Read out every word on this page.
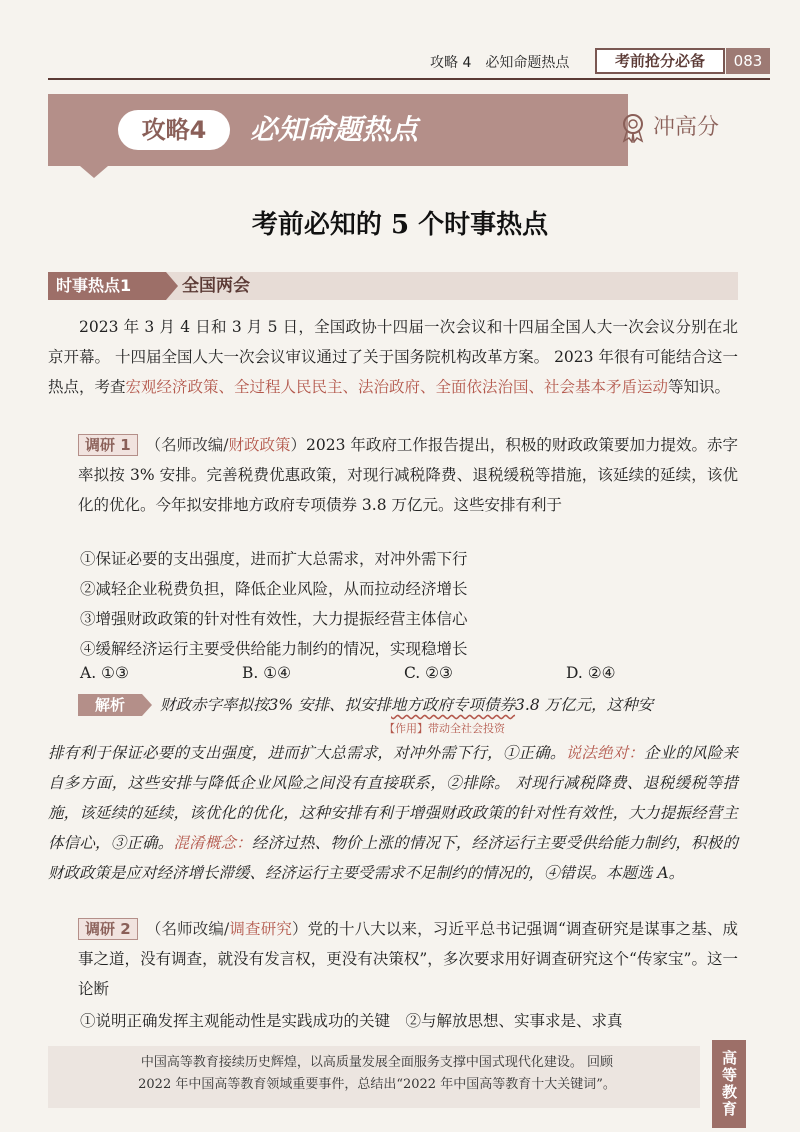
攻略 4　必知命题热点	考前抢分必备	083
攻略4	必知命题热点	冲高分
考前必知的 5 个时事热点
时事热点1	全国两会
2023 年 3 月 4 日和 3 月 5 日，全国政协十四届一次会议和十四届全国人大一次会议分别在北京开幕。 十四届全国人大一次会议审议通过了关于国务院机构改革方案。 2023 年很有可能结合这一热点，考查宏观经济政策、全过程人民民主、法治政府、全面依法治国、社会基本矛盾运动等知识。
调研 1 （名师改编/财政政策）2023 年政府工作报告提出，积极的财政政策要加力提效。赤字率拟按 3% 安排。完善税费优惠政策，对现行减税降费、退税缓税等措施，该延续的延续，该优化的优化。今年拟安排地方政府专项债券 3.8 万亿元。这些安排有利于
①保证必要的支出强度，进而扩大总需求，对冲外需下行
②减轻企业税费负担，降低企业风险，从而拉动经济增长
③增强财政政策的针对性有效性，大力提振经营主体信心
④缓解经济运行主要受供给能力制约的情况，实现稳增长
A. ①③	B. ①④	C. ②③	D. ②④
解析	财政赤字率拟按3% 安排、拟安排地方政府专项债券3.8 万亿元，这种安
【作用】带动全社会投资
排有利于保证必要的支出强度，进而扩大总需求，对冲外需下行，①正确。说法绝对：企业的风险来自多方面，这些安排与降低企业风险之间没有直接联系，②排除。 对现行减税降费、退税缓税等措施，该延续的延续，该优化的优化，这种安排有利于增强财政政策的针对性有效性，大力提振经营主体信心，③正确。混淆概念：经济过热、物价上涨的情况下，经济运行主要受供给能力制约，积极的财政政策是应对经济增长滞缓、经济运行主要受需求不足制约的情况的，④错误。本题选 A。
调研 2 （名师改编/调查研究）党的十八大以来，习近平总书记强调“调查研究是谋事之基、成事之道，没有调查，就没有发言权，更没有决策权”，多次要求用好调查研究这个“传家宝”。这一论断
①说明正确发挥主观能动性是实践成功的关键　②与解放思想、实事求是、求真
中国高等教育接续历史辉煌，以高质量发展全面服务支撑中国式现代化建设。 回顾
2022 年中国高等教育领域重要事件，总结出“2022 年中国高等教育十大关键词”。	高等教育
